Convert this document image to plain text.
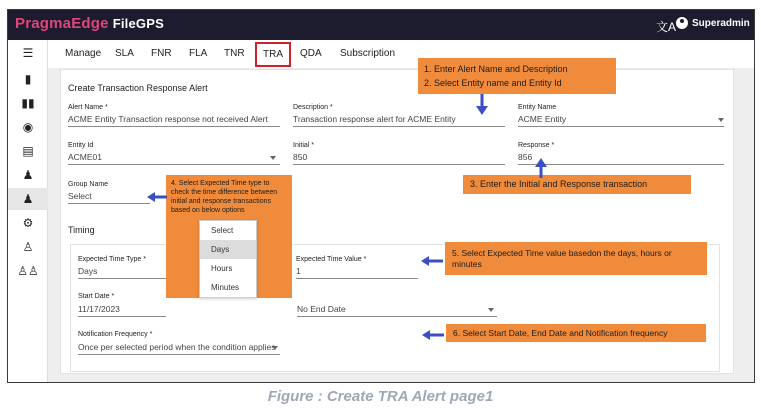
PragmaEdge FileGPS	文A Superadmin
☰
▮
▮▮
◉
▤
♟
♟
⚙
♙
♙♙
Manage SLA FNR FLA TNR	TRA	QDA Subscription
Create Transaction Response Alert
Alert Name *
ACME Entity Transaction response not received Alert
Description *
Transaction response alert for ACME Entity
Entity Name
ACME Entity
Entity Id
ACME01
Initial *
850
Response *
856
Group Name
Select
Timing
Expected Time Type *
Days
Expected Time Value *
1
Start Date *
11/17/2023	No End Date
Notification Frequency *
Once per selected period when the condition applies
1. Enter Alert Name and Description
2. Select Entity name and Entity Id
3. Enter the Initial and Response transaction
4. Select Expected Time type to check the time difference between initial and response transactions based on below options
5. Select Expected Time value basedon the days, hours or minutes
6. Select Start Date, End Date and Notification frequency
Select
Days
Hours
Minutes
Figure : Create TRA Alert page1
